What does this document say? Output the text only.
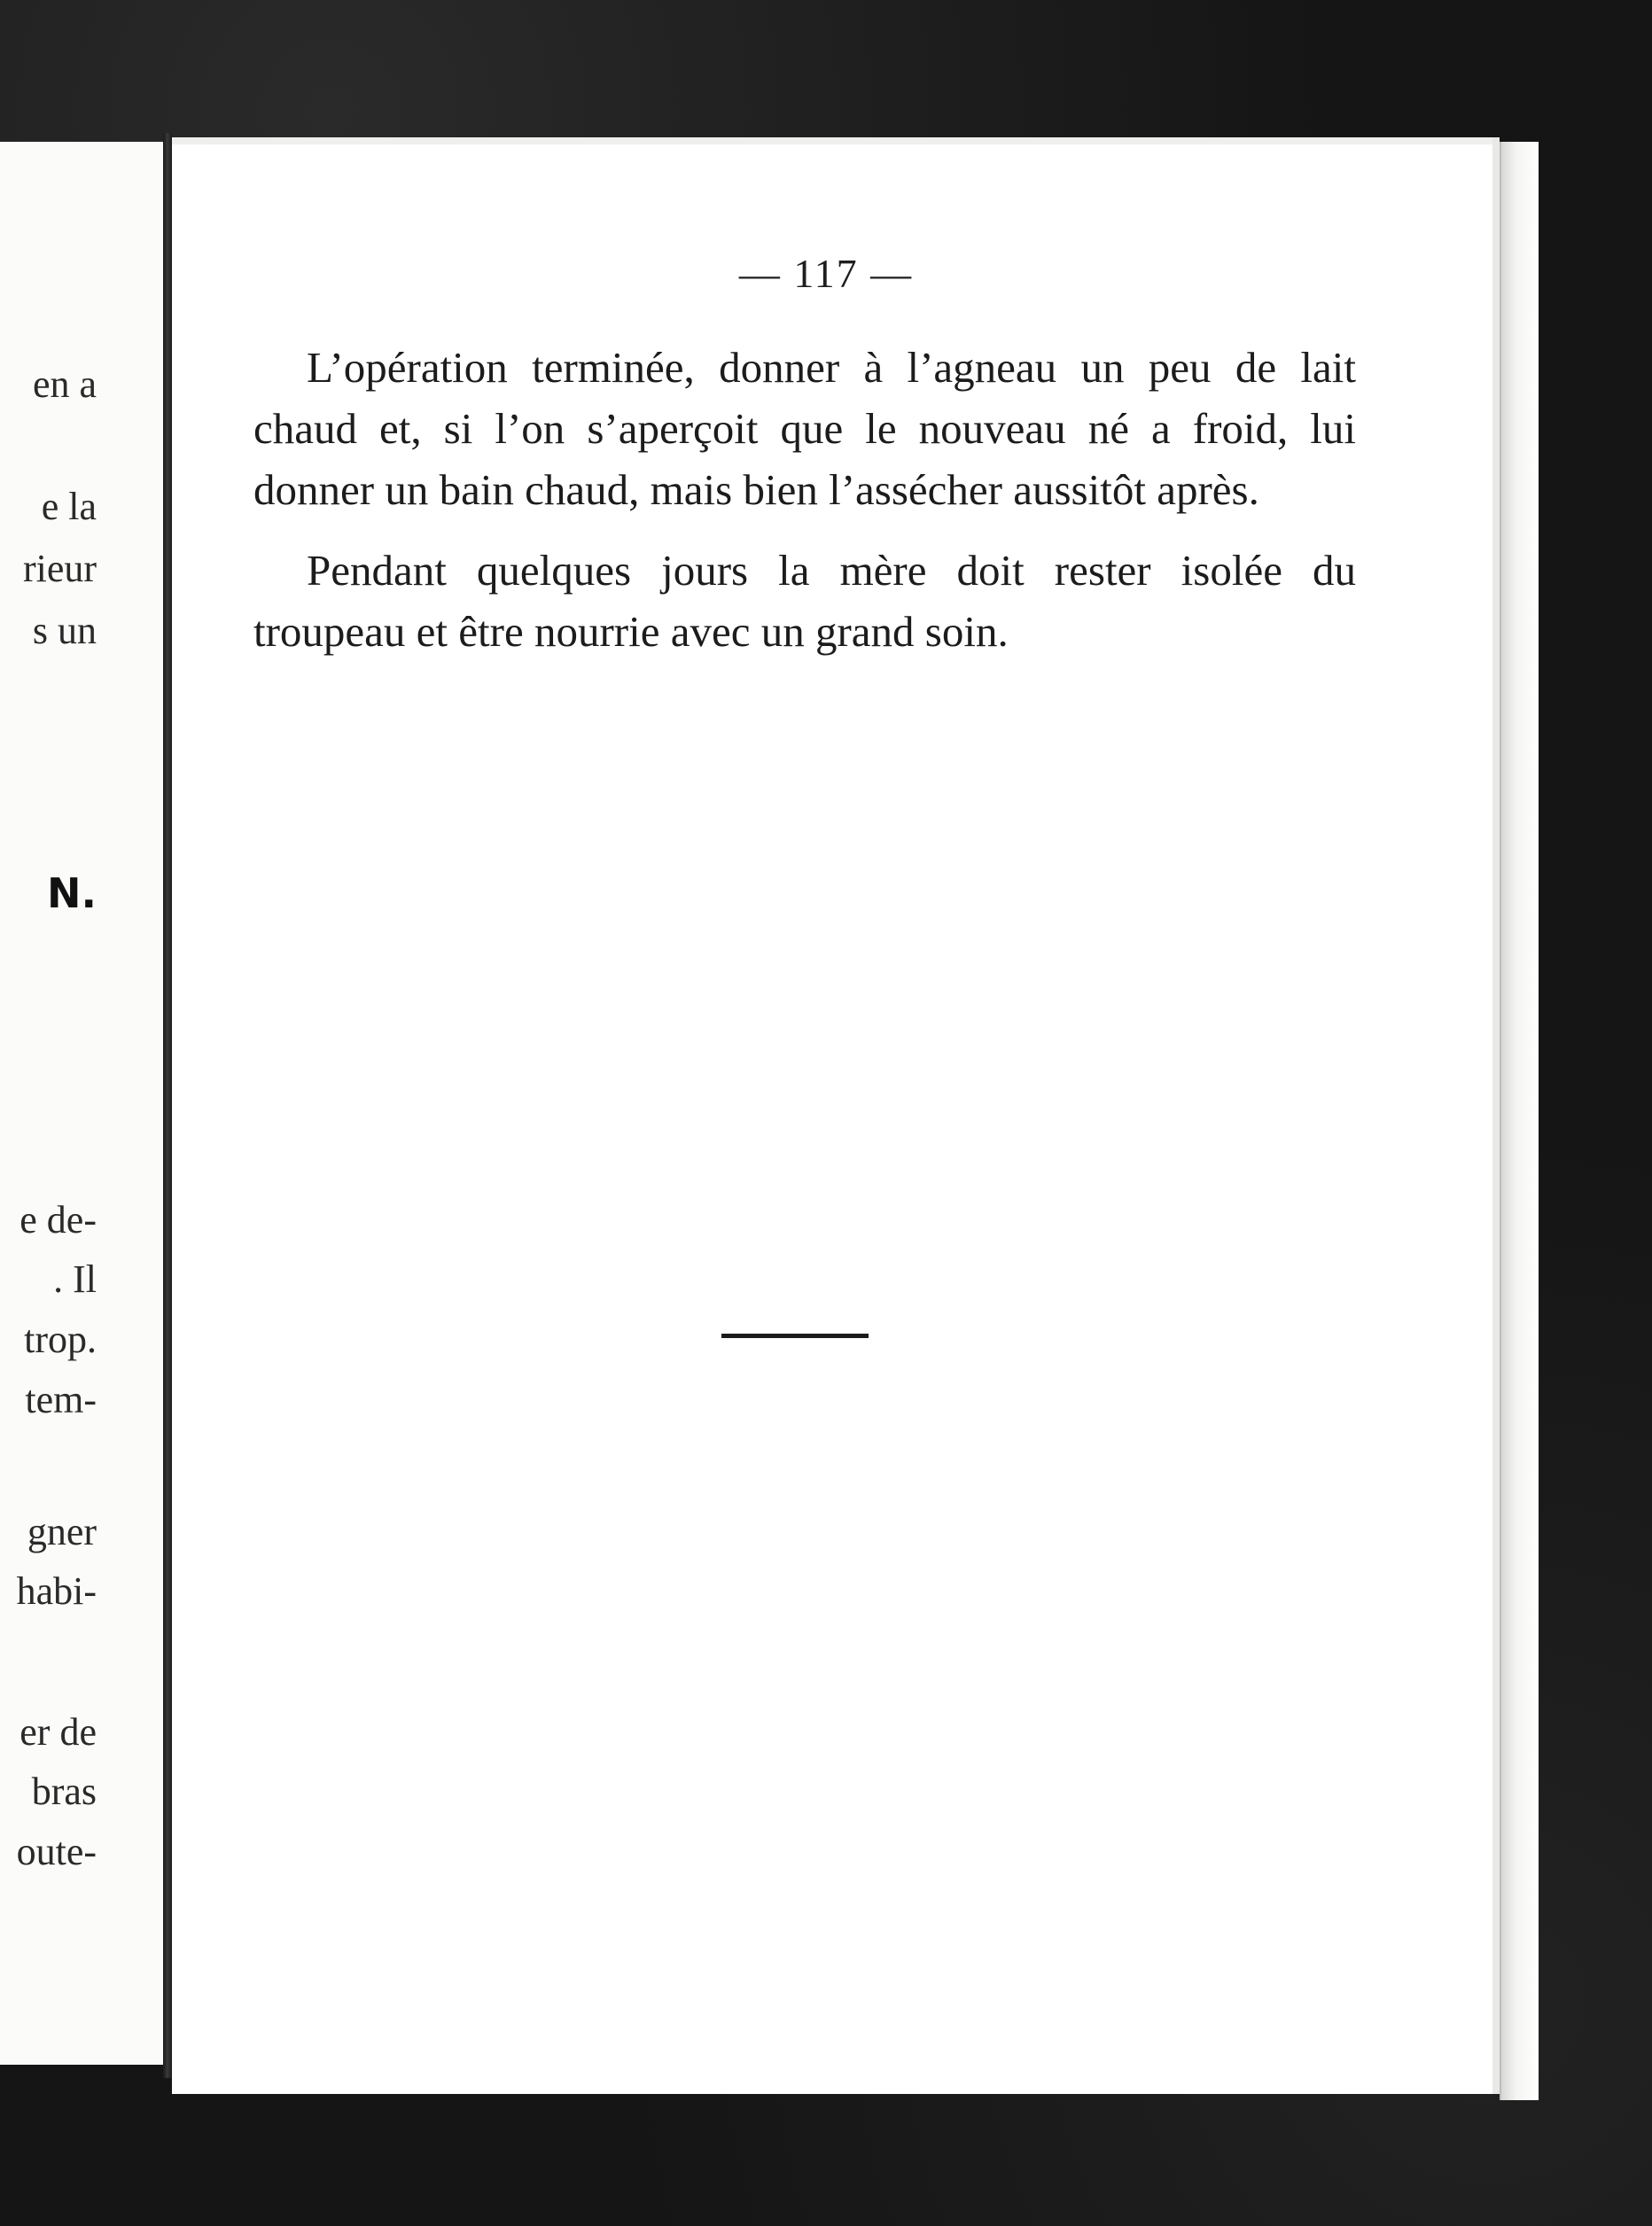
en a
e la
rieur
s un
N.
e de-
. Il
trop.
tem-
gner
habi-
er de
bras
oute-
— 117 —

L’opération terminée, donner à l’agneau un peu de lait chaud et, si l’on s’aperçoit que le nouveau né a froid, lui donner un bain chaud, mais bien l’assécher aussitôt après.

Pendant quelques jours la mère doit rester isolée du troupeau et être nourrie avec un grand soin.
